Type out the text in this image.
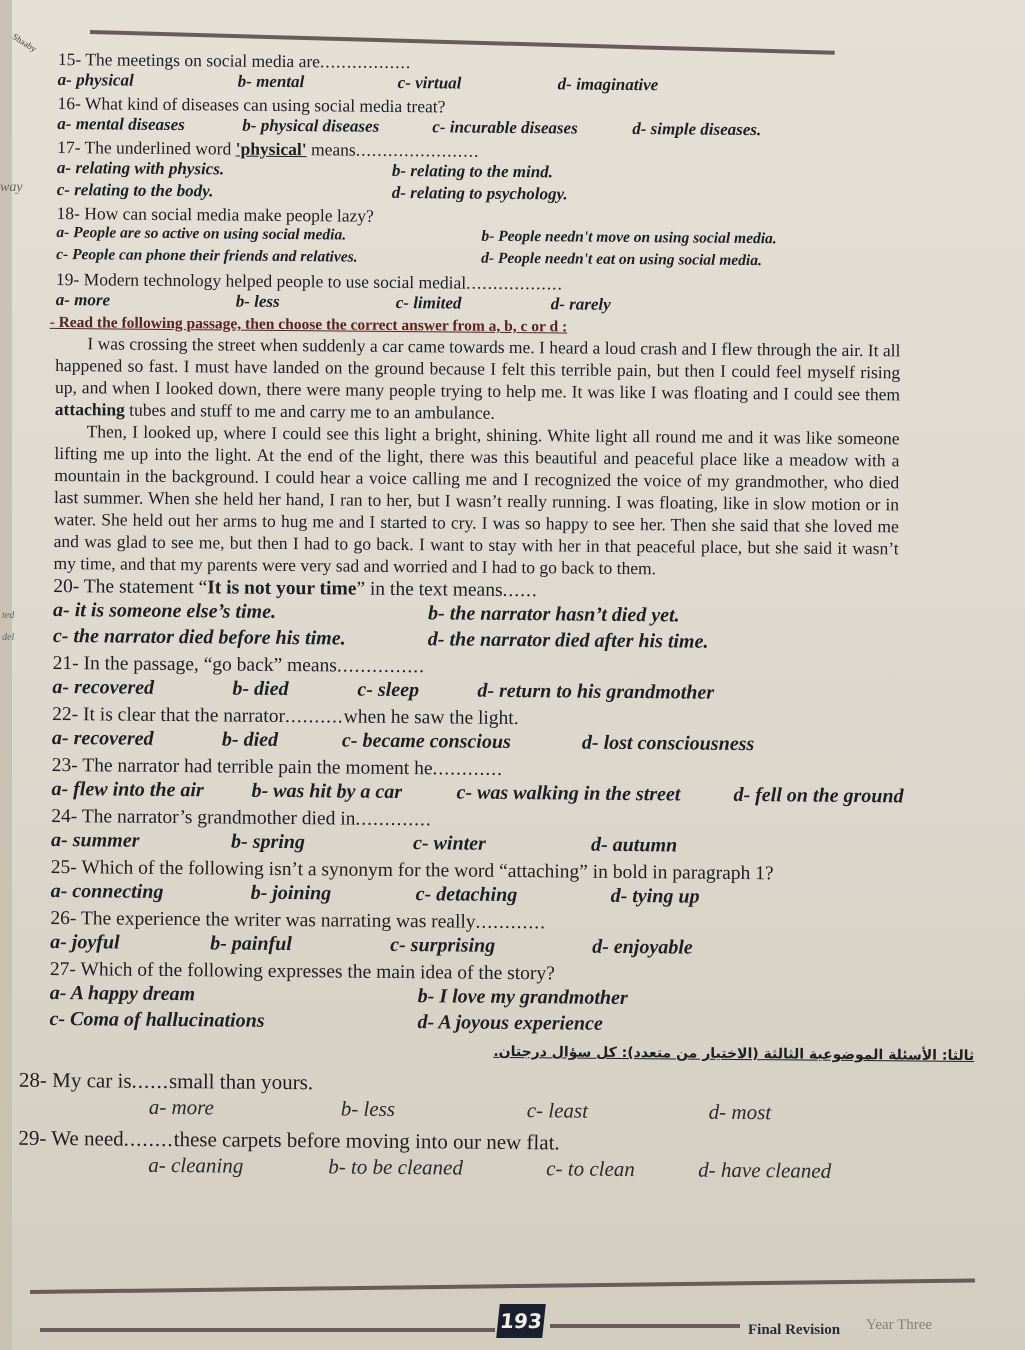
Shaaby
way
ted
del
15- The meetings on social media are.................
a- physical	b- mental	c- virtual	d- imaginative
16- What kind of diseases can using social media treat?
a- mental diseases	b- physical diseases	c- incurable diseases	d- simple diseases.
17- The underlined word 'physical' means.......................
a- relating with physics.	b- relating to the mind.
c- relating to the body.	d- relating to psychology.
18- How can social media make people lazy?
a- People are so active on using social media.	b- People needn't move on using social media.
c- People can phone their friends and relatives.	d- People needn't eat on using social media.
19- Modern technology helped people to use social medial..................
a- more	b- less	c- limited	d- rarely
- Read the following passage, then choose the correct answer from a, b, c or d :

I was crossing the street when suddenly a car came towards me. I heard a loud crash and I flew through the air. It all happened so fast. I must have landed on the ground because I felt this terrible pain, but then I could feel myself rising up, and when I looked down, there were many people trying to help me. It was like I was floating and I could see them attaching tubes and stuff to me and carry me to an ambulance.

Then, I looked up, where I could see this light a bright, shining. White light all round me and it was like someone lifting me up into the light. At the end of the light, there was this beautiful and peaceful place like a meadow with a mountain in the background. I could hear a voice calling me and I recognized the voice of my grandmother, who died last summer. When she held her hand, I ran to her, but I wasn’t really running. I was floating, like in slow motion or in water. She held out her arms to hug me and I started to cry. I was so happy to see her. Then she said that she loved me and was glad to see me, but then I had to go back. I want to stay with her in that peaceful place, but she said it wasn’t my time, and that my parents were very sad and worried and I had to go back to them.

20- The statement “It is not your time” in the text means......
a- it is someone else’s time.	b- the narrator hasn’t died yet.
c- the narrator died before his time.	d- the narrator died after his time.
21- In the passage, “go back” means...............
a- recovered	b- died	c- sleep	d- return to his grandmother
22- It is clear that the narrator..........when he saw the light.
a- recovered	b- died	c- became conscious	d- lost consciousness
23- The narrator had terrible pain the moment he............
a- flew into the air b- was hit by a car	c- was walking in the street	d- fell on the ground
24- The narrator’s grandmother died in.............
a- summer	b- spring	c- winter	d- autumn
25- Which of the following isn’t a synonym for the word “attaching” in bold in paragraph 1?
a- connecting	b- joining	c- detaching	d- tying up
26- The experience the writer was narrating was really............
a- joyful	b- painful	c- surprising	d- enjoyable
27- Which of the following expresses the main idea of the story?
a- A happy dream	b- I love my grandmother
c- Coma of hallucinations	d- A joyous experience
ثالثا: الأسئلة الموضوعية الثالثة (الاختيار من متعدد): كل سؤال درجتان.
28- My car is......small than yours.
a- more	b- less	c- least	d- most
29- We need........these carpets before moving into our new flat.
a- cleaning	b- to be cleaned	c- to clean	d- have cleaned
193	Final Revision Year Three
